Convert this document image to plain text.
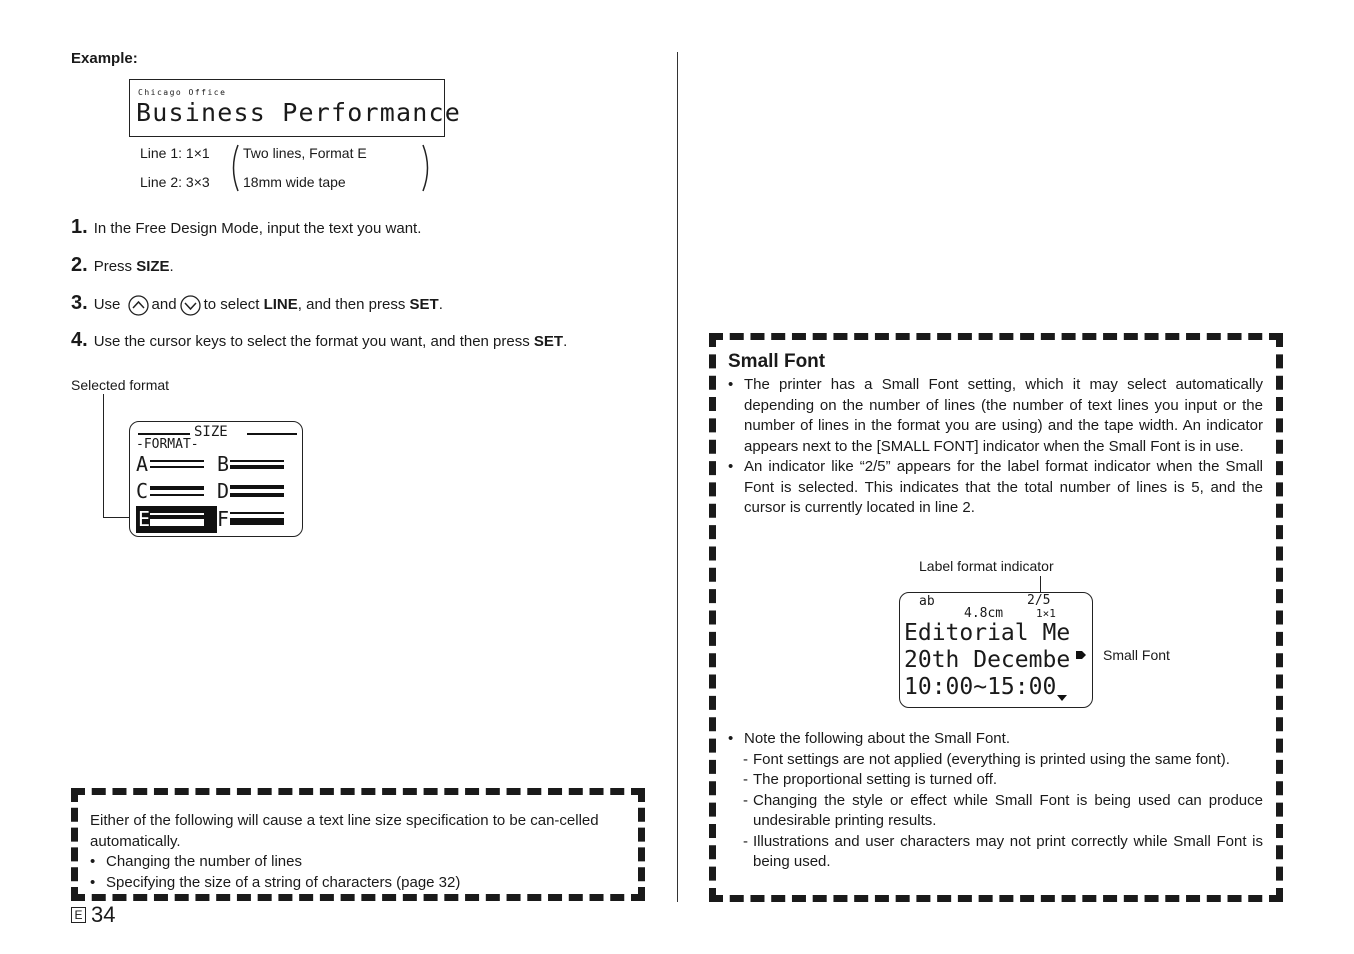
Example:
Chicago Office
Business Performance
Line 1: 1×1
Line 2: 3×3
Two lines, Format E
18mm wide tape
1. In the Free Design Mode, input the text you want.
2. Press SIZE.
3. Use
and to select LINE, and then press SET.
4. Use the cursor keys to select the format you want, and then press SET.
Selected format
SIZE
-FORMAT-
A	B
C	D
E	F
Either of the following will cause a text line size specification to be can-celled automatically.
• Changing the number of lines
• Specifying the size of a string of characters (page 32)
E 34
Small Font
• The printer has a Small Font setting, which it may select automatically depending on the number of lines (the number of text lines you input or the number of lines in the format you are using) and the tape width. An indicator appears next to the [SMALL FONT] indicator when the Small Font is in use.
• An indicator like “2/5” appears for the label format indicator when the Small Font is selected. This indicates that the total number of lines is 5, and the cursor is currently located in line 2.
Label format indicator
ab	2/5
4.8cm	1×1
Editorial Me
20th Decembe
10:00~15:00
Small Font
• Note the following about the Small Font.
- Font settings are not applied (everything is printed using the same font).
- The proportional setting is turned off.
- Changing the style or effect while Small Font is being used can produce undesirable printing results.
- Illustrations and user characters may not print correctly while Small Font is being used.
